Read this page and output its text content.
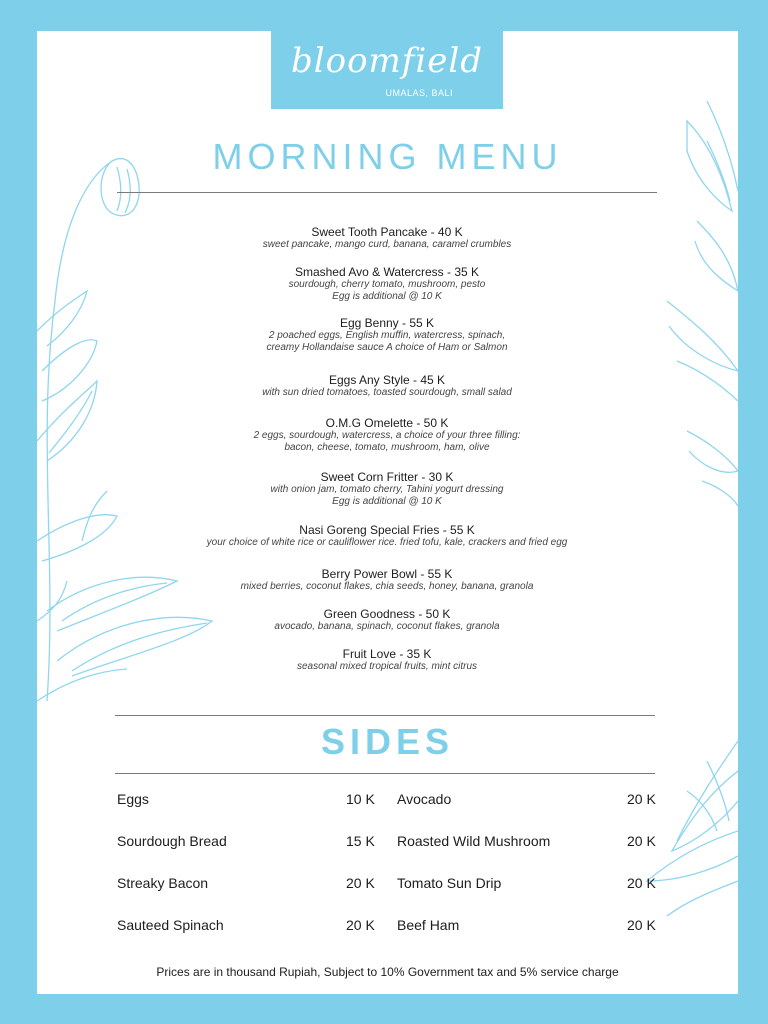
bloomfield
UMALAS, BALI
MORNING MENU
Sweet Tooth Pancake - 40 K
sweet pancake, mango curd, banana, caramel crumbles
Smashed Avo & Watercress - 35 K
sourdough, cherry tomato, mushroom, pesto
Egg is additional @ 10 K
Egg Benny - 55 K
2 poached eggs, English muffin, watercress, spinach,
creamy Hollandaise sauce A choice of Ham or Salmon
Eggs Any Style - 45 K
with sun dried tomatoes, toasted sourdough, small salad
O.M.G Omelette - 50 K
2 eggs, sourdough, watercress, a choice of your three filling:
bacon, cheese, tomato, mushroom, ham, olive
Sweet Corn Fritter - 30 K
with onion jam, tomato cherry, Tahini yogurt dressing
Egg is additional @ 10 K
Nasi Goreng Special Fries - 55 K
your choice of white rice or cauliflower rice. fried tofu, kale, crackers and fried egg
Berry Power Bowl - 55 K
mixed berries, coconut flakes, chia seeds, honey, banana, granola
Green Goodness - 50 K
avocado, banana, spinach, coconut flakes, granola
Fruit Love - 35 K
seasonal mixed tropical fruits, mint citrus
SIDES
Eggs	10 K
Sourdough Bread	15 K
Streaky Bacon	20 K
Sauteed Spinach	20 K
Avocado	20 K
Roasted Wild Mushroom	20 K
Tomato Sun Drip	20 K
Beef Ham	20 K
Prices are in thousand Rupiah, Subject to 10% Government tax and 5% service charge
